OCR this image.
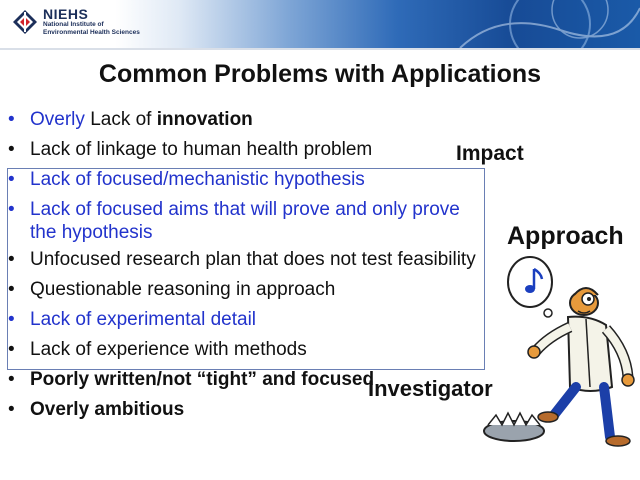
NIEHS
National Institute of
Environmental Health Sciences
Common Problems with Applications
• Overly Lack of innovation
• Lack of linkage to human health problem
• Lack of focused/mechanistic hypothesis
• Lack of focused aims that will prove and only prove the hypothesis
• Unfocused research plan that does not test feasibility
• Questionable reasoning in approach
• Lack of experimental detail
• Lack of experience with methods
• Poorly written/not “tight” and focused
• Overly ambitious
Impact
Approach
Investigator
